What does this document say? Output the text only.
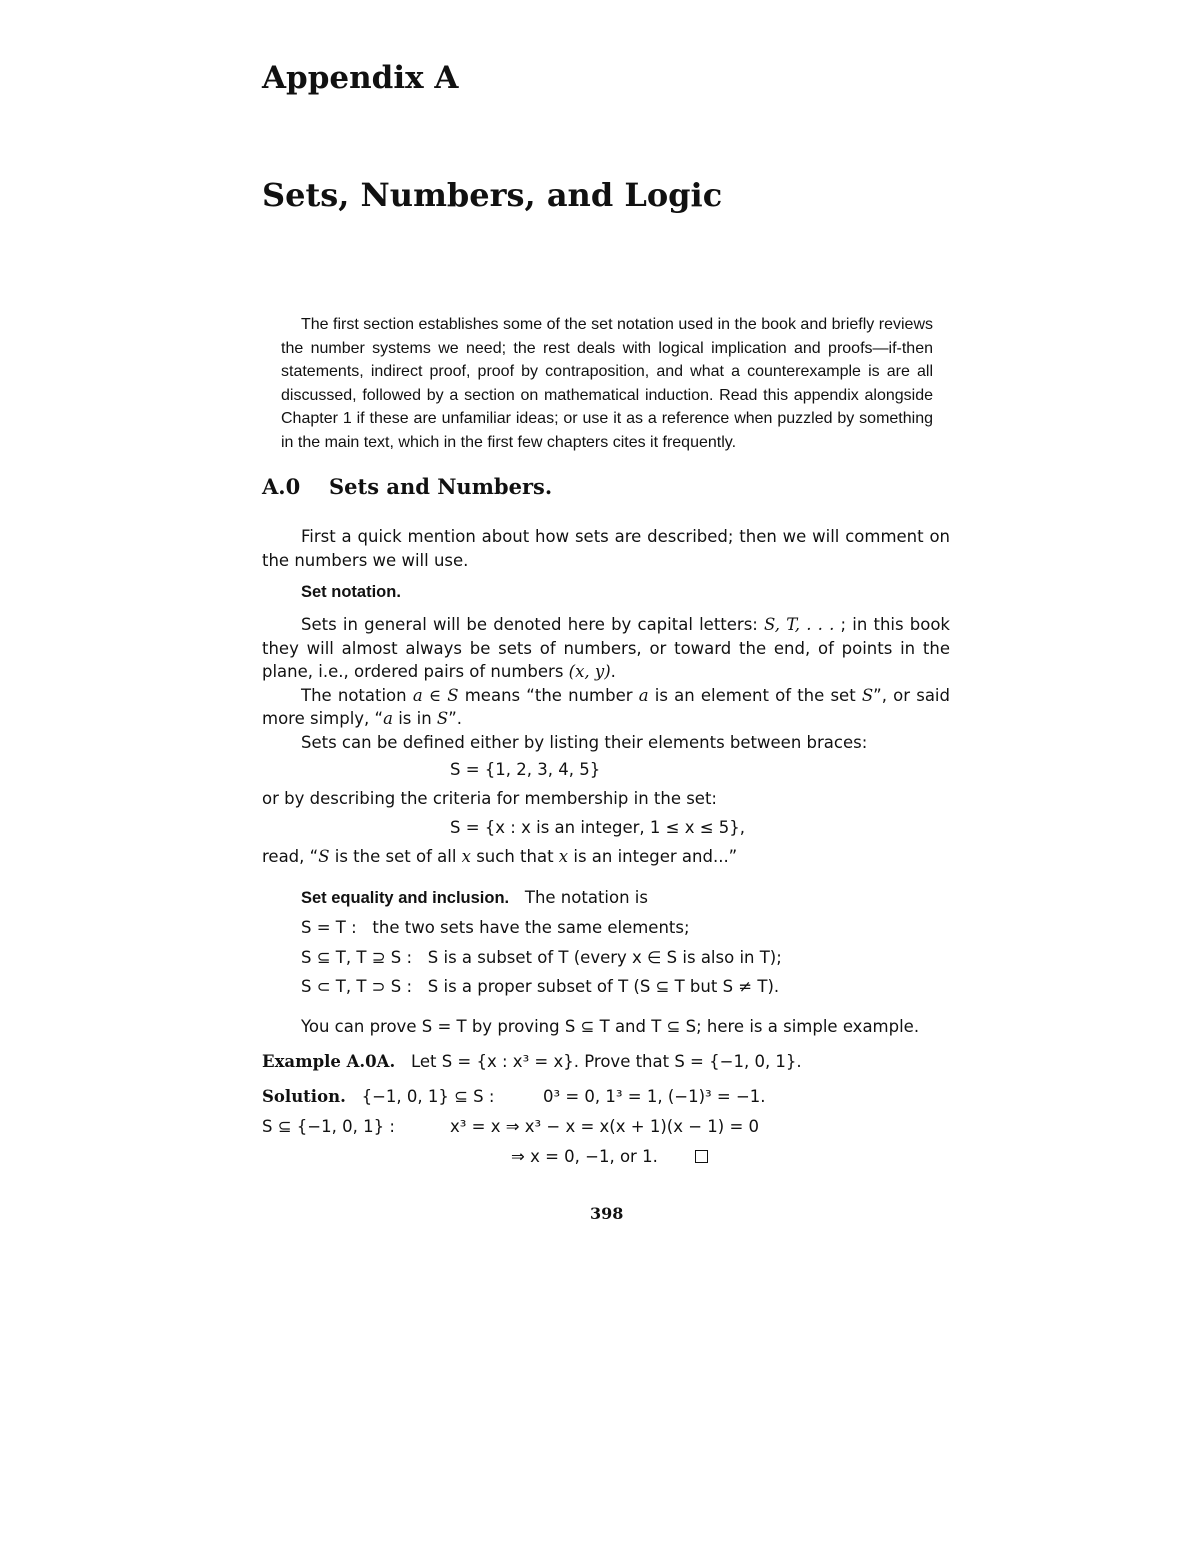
Appendix A
Sets, Numbers, and Logic

The first section establishes some of the set notation used in the book and briefly reviews the number systems we need; the rest deals with logical implication and proofs—if-then statements, indirect proof, proof by contraposition, and what a counterexample is are all discussed, followed by a section on mathematical induction. Read this appendix alongside Chapter 1 if these are unfamiliar ideas; or use it as a reference when puzzled by something in the main text, which in the first few chapters cites it frequently.

A.0 Sets and Numbers.

First a quick mention about how sets are described; then we will comment on the numbers we will use.

Set notation.

Sets in general will be denoted here by capital letters: S, T, . . . ; in this book they will almost always be sets of numbers, or toward the end, of points in the plane, i.e., ordered pairs of numbers (x, y).

The notation a ∈ S means “the number a is an element of the set S”, or said more simply, “a is in S”.

Sets can be defined either by listing their elements between braces:

S = {1, 2, 3, 4, 5}
or by describing the criteria for membership in the set:
S = {x : x is an integer, 1 ≤ x ≤ 5},
read, “S is the set of all x such that x is an integer and...”
Set equality and inclusion. The notation is
S = T : the two sets have the same elements;
S ⊆ T, T ⊇ S : S is a subset of T (every x ∈ S is also in T);
S ⊂ T, T ⊃ S : S is a proper subset of T (S ⊆ T but S ≠ T).
You can prove S = T by proving S ⊆ T and T ⊆ S; here is a simple example.
Example A.0A. Let S = {x : x³ = x}. Prove that S = {−1, 0, 1}.
Solution. {−1, 0, 1} ⊆ S :	0³ = 0, 1³ = 1, (−1)³ = −1.
S ⊆ {−1, 0, 1} :	x³ = x ⇒ x³ − x = x(x + 1)(x − 1) = 0
⇒ x = 0, −1, or 1.
398
